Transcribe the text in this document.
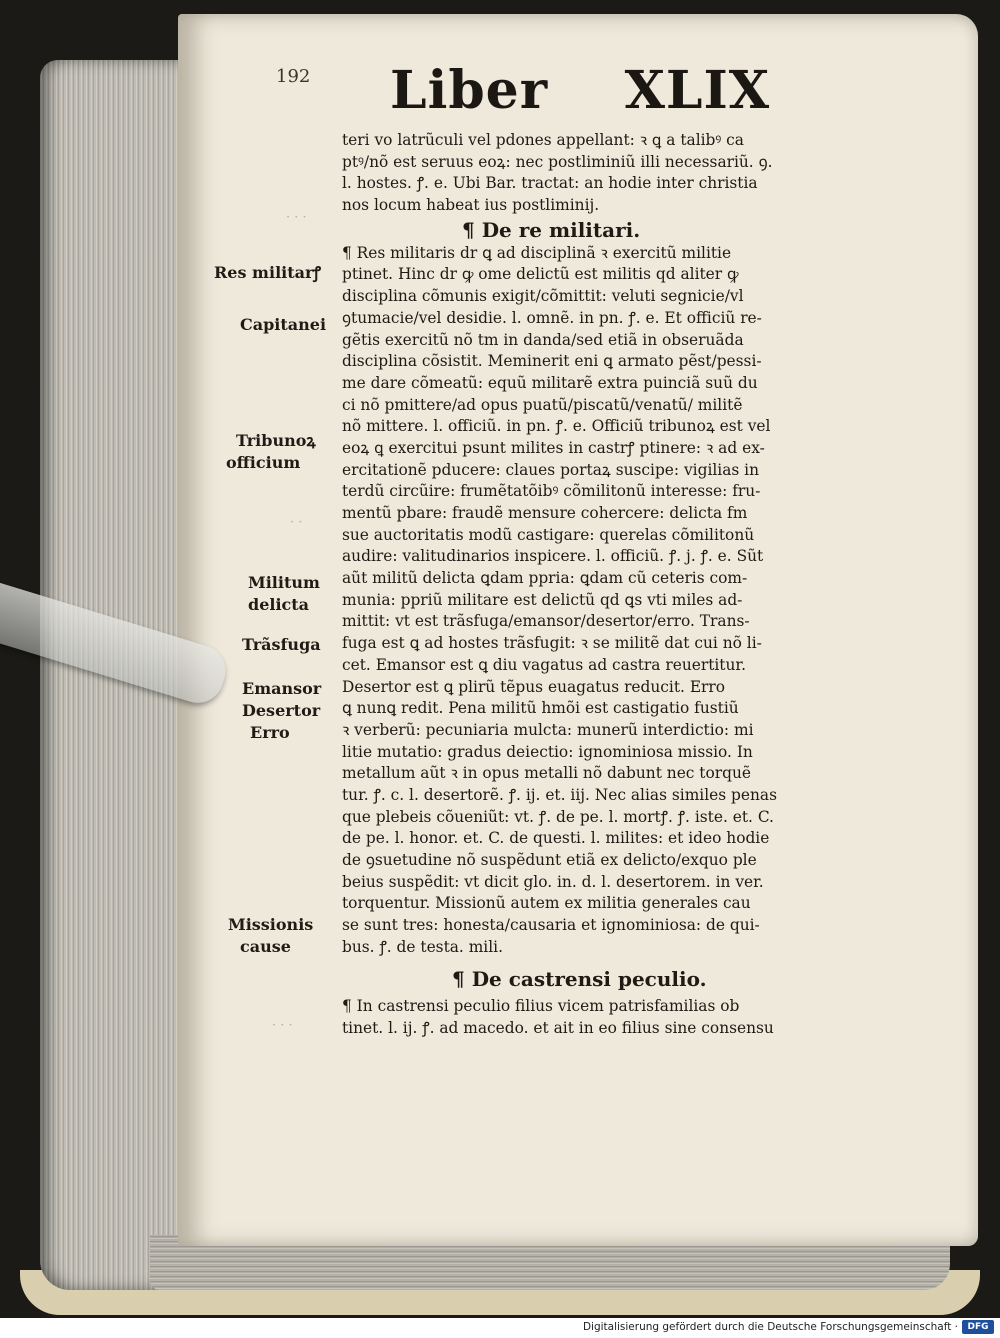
· · ·
· ·
· · ·
192 Liber    XLIX
teri vo latrũculi vel pdones appellant: ꝛ ꝗ a talibꝰ ca
ptꝰ/nõ est seruus eoꝝ: nec postliminiũ illi necessariũ. ꝯ.
l. hostes. ꝭ. e. Ubi Bar. tractat: an hodie inter christia
nos locum habeat ius postliminij.
¶ De re militari.
¶ Res militaris dr ꝗ ad disciplinã ꝛ exercitũ militie
ptinet. Hinc dr ꝙ ome delictũ est militis qd aliter ꝙ
disciplina cõmunis exigit/cõmittit: veluti segnicie/vl
ꝯtumacie/vel desidie. l. omnẽ. in pn. ꝭ. e. Et officiũ re-
gẽtis exercitũ nõ tm in danda/sed etiã in obseruãda
disciplina cõsistit. Meminerit eni ꝗ armato pẽst/pessi-
me dare cõmeatũ: equũ militarẽ extra puinciã suũ du
ci nõ pmittere/ad opus puatũ/piscatũ/venatũ/ militẽ
nõ mittere. l. officiũ. in pn. ꝭ. e. Officiũ tribunoꝝ est vel
eoꝝ ꝗ exercitui psunt milites in castrꝭ ptinere: ꝛ ad ex-
ercitationẽ pducere: claues portaꝝ suscipe: vigilias in
terdũ circũire: frumẽtatõibꝰ cõmilitonũ interesse: fru-
mentũ pbare: fraudẽ mensure cohercere: delicta fm
sue auctoritatis modũ castigare: querelas cõmilitonũ
audire: valitudinarios inspicere. l. officiũ. ꝭ. j. ꝭ. e. Sũt
aũt militũ delicta ꝗdam ppria: ꝗdam cũ ceteris com-
munia: ppriũ militare est delictũ qd ꝗs vti miles ad-
mittit: vt est trãsfuga/emansor/desertor/erro. Trans-
fuga est ꝗ ad hostes trãsfugit: ꝛ se militẽ dat cui nõ li-
cet. Emansor est ꝗ diu vagatus ad castra reuertitur.
Desertor est ꝗ plirũ tẽpus euagatus reducit. Erro
ꝗ nunꝗ redit. Pena militũ hmõi est castigatio fustiũ
ꝛ verberũ: pecuniaria mulcta: munerũ interdictio: mi
litie mutatio: gradus deiectio: ignominiosa missio. In
metallum aũt ꝛ in opus metalli nõ dabunt nec torquẽ
tur. ꝭ. c. l. desertorẽ. ꝭ. ij. et. iij. Nec alias similes penas
que plebeis cõueniũt: vt. ꝭ. de pe. l. mortꝭ. ꝭ. iste. et. C.
de pe. l. honor. et. C. de questi. l. milites: et ideo hodie
de ꝯsuetudine nõ suspẽdunt etiã ex delicto/exquo ple
beius suspẽdit: vt dicit glo. in. d. l. desertorem. in ver.
torquentur. Missionũ autem ex militia generales cau
se sunt tres: honesta/causaria et ignominiosa: de qui-
bus. ꝭ. de testa. mili.
¶ De castrensi peculio.
¶ In castrensi peculio filius vicem patrisfamilias ob
tinet. l. ij. ꝭ. ad macedo. et ait in eo filius sine consensu
Res militarꝭ
Capitanei
Tribunoꝝ
officium
Militum
delicta
Trãsfuga
Emansor
Desertor
Erro
Missionis
cause
Digitalisierung gefördert durch die Deutsche Forschungsgemeinschaft ·	DFG
